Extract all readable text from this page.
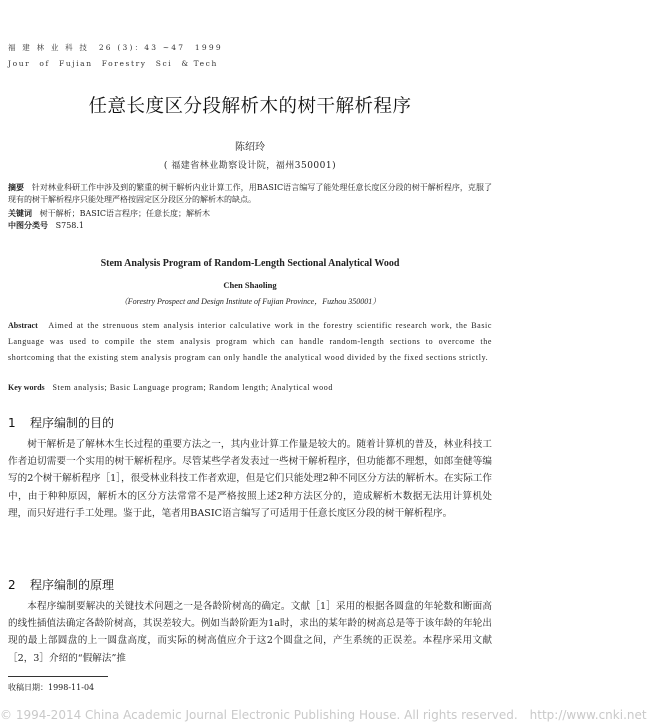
福 建 林 业 科 技　26 (3)：43 ~47　1999
Jour　of　Fujian　Forestry　Sci　& Tech
任意长度区分段解析木的树干解析程序
陈绍玲
( 福建省林业勘察设计院，福州350001)
摘要 针对林业科研工作中涉及到的繁重的树干解析内业计算工作，用BASIC语言编写了能处理任意长度区分段的树干解析程序，克服了现有的树干解析程序只能处理严格按固定区分段区分的解析木的缺点。
关键词 树干解析；BASIC语言程序；任意长度；解析木
中图分类号 S758.1
Stem Analysis Program of Random-Length Sectional Analytical Wood
Chen Shaoling
（Forestry Prospect and Design Institute of Fujian Province，Fuzhou 350001）
Abstract Aimed at the strenuous stem analysis interior calculative work in the forestry scientific research work, the Basic Language was used to compile the stem analysis program which can handle random-length sections to overcome the shortcoming that the existing stem analysis program can only handle the analytical wood divided by the fixed sections strictly.
Key words Stem analysis; Basic Language program; Random length; Analytical wood
1 程序编制的目的
树干解析是了解林木生长过程的重要方法之一，其内业计算工作量是较大的。随着计算机的普及，林业科技工作者迫切需要一个实用的树干解析程序。尽管某些学者发表过一些树干解析程序，但功能都不理想，如郎奎健等编写的2个树干解析程序［1］，很受林业科技工作者欢迎，但是它们只能处理2种不同区分方法的解析木。在实际工作中，由于种种原因，解析木的区分方法常常不是严格按照上述2种方法区分的，造成解析木数据无法用计算机处理，而只好进行手工处理。鉴于此，笔者用BASIC语言编写了可适用于任意长度区分段的树干解析程序。
2 程序编制的原理
本程序编制要解决的关键技术问题之一是各龄阶树高的确定。文献［1］采用的根据各圆盘的年轮数和断面高的线性插值法确定各龄阶树高，其误差较大。例如当龄阶距为1a时，求出的某年龄的树高总是等于该年龄的年轮出现的最上部圆盘的上一圆盘高度，而实际的树高值应介于这2个圆盘之间，产生系统的正误差。本程序采用文献［2，3］介绍的“假解法”推
收稿日期：1998-11-04
© 1994-2014 China Academic Journal Electronic Publishing House. All rights reserved.　http://www.cnki.net
